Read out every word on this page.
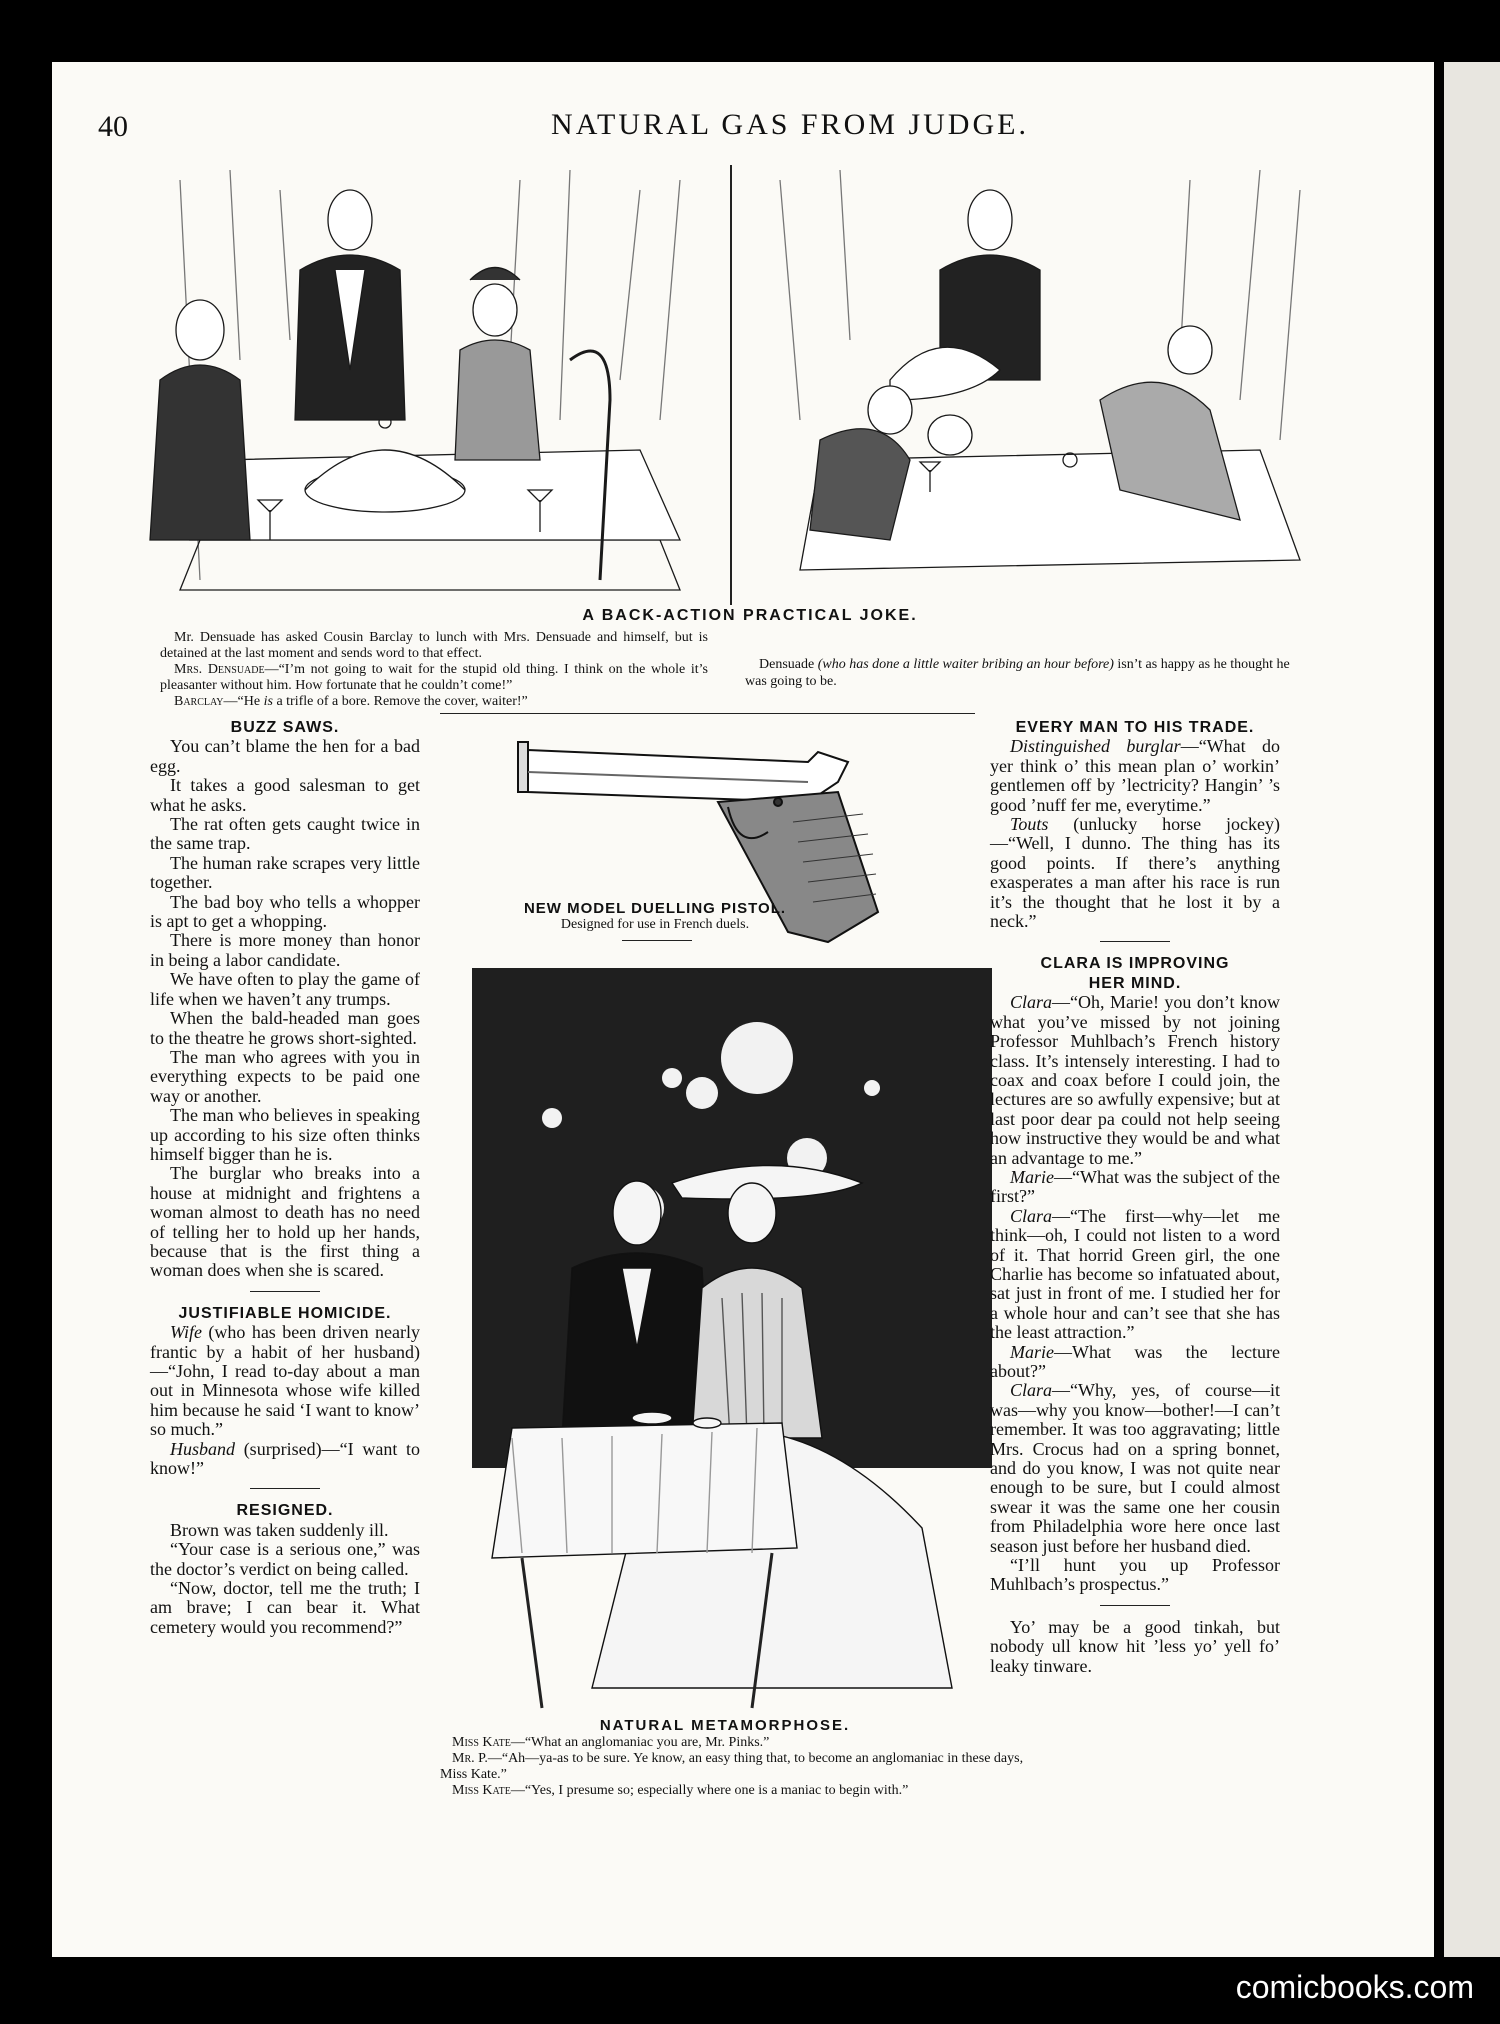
40	NATURAL GAS FROM JUDGE.
A BACK-ACTION PRACTICAL JOKE.

Mr. Densuade has asked Cousin Barclay to lunch with Mrs. Densuade and himself, but is detained at the last moment and sends word to that effect.

Mrs. Densuade—“I’m not going to wait for the stupid old thing. I think on the whole it’s pleasanter without him. How fortunate that he couldn’t come!”

Barclay—“He is a trifle of a bore. Remove the cover, waiter!”

Densuade (who has done a little waiter bribing an hour before) isn’t as happy as he thought he was going to be.

BUZZ SAWS.

You can’t blame the hen for a bad egg.

It takes a good salesman to get what he asks.

The rat often gets caught twice in the same trap.

The human rake scrapes very little together.

The bad boy who tells a whopper is apt to get a whopping.

There is more money than honor in being a labor candidate.

We have often to play the game of life when we haven’t any trumps.

When the bald-headed man goes to the theatre he grows short-sighted.

The man who agrees with you in everything expects to be paid one way or another.

The man who believes in speaking up according to his size often thinks himself bigger than he is.

The burglar who breaks into a house at midnight and frightens a woman almost to death has no need of telling her to hold up her hands, because that is the first thing a woman does when she is scared.

JUSTIFIABLE HOMICIDE.

Wife (who has been driven nearly frantic by a habit of her husband)—“John, I read to-day about a man out in Minnesota whose wife killed him because he said ‘I want to know’ so much.”

Husband (surprised)—“I want to know!”

RESIGNED.

Brown was taken suddenly ill.

“Your case is a serious one,” was the doctor’s verdict on being called.

“Now, doctor, tell me the truth; I am brave; I can bear it. What cemetery would you recommend?”

NEW MODEL DUELLING PISTOL.
Designed for use in French duels.
NATURAL METAMORPHOSE.

Miss Kate—“What an anglomaniac you are, Mr. Pinks.”

Mr. P.—“Ah—ya-as to be sure. Ye know, an easy thing that, to become an anglomaniac in these days, Miss Kate.”

Miss Kate—“Yes, I presume so; especially where one is a maniac to begin with.”

EVERY MAN TO HIS TRADE.

Distinguished burglar—“What do yer think o’ this mean plan o’ workin’ gentlemen off by ’lectricity? Hangin’ ’s good ’nuff fer me, everytime.”

Touts (unlucky horse jockey)—“Well, I dunno. The thing has its good points. If there’s anything exasperates a man after his race is run it’s the thought that he lost it by a neck.”

CLARA IS IMPROVING

HER MIND.

Clara—“Oh, Marie! you don’t know what you’ve missed by not joining Professor Muhlbach’s French history class. It’s intensely interesting. I had to coax and coax before I could join, the lectures are so awfully expensive; but at last poor dear pa could not help seeing how instructive they would be and what an advantage to me.”

Marie—“What was the subject of the first?”

Clara—“The first—why—let me think—oh, I could not listen to a word of it. That horrid Green girl, the one Charlie has become so infatuated about, sat just in front of me. I studied her for a whole hour and can’t see that she has the least attraction.”

Marie—What was the lecture about?”

Clara—“Why, yes, of course—it was—why you know—bother!—I can’t remember. It was too aggravating; little Mrs. Crocus had on a spring bonnet, and do you know, I was not quite near enough to be sure, but I could almost swear it was the same one her cousin from Philadelphia wore here once last season just before her husband died.

“I’ll hunt you up Professor Muhlbach’s prospectus.”

Yo’ may be a good tinkah, but nobody ull know hit ’less yo’ yell fo’ leaky tinware.

comicbooks.com
